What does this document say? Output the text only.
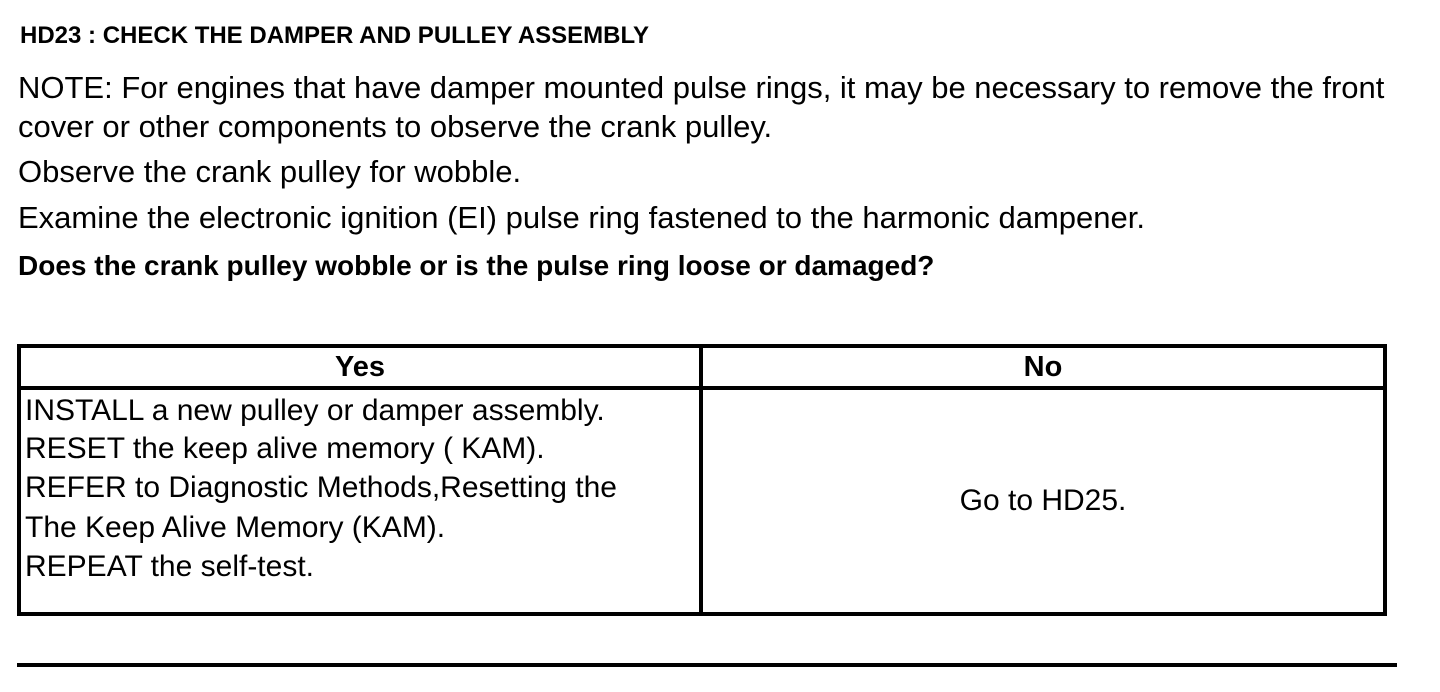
HD23 : CHECK THE DAMPER AND PULLEY ASSEMBLY
NOTE: For engines that have damper mounted pulse rings, it may be necessary to remove the front cover or other components to observe the crank pulley.
Observe the crank pulley for wobble.
Examine the electronic ignition (EI) pulse ring fastened to the harmonic dampener.
Does the crank pulley wobble or is the pulse ring loose or damaged?
Yes	No

INSTALL a new pulley or damper assembly.
RESET the keep alive memory ( KAM).
REFER to Diagnostic Methods,Resetting the
The Keep Alive Memory (KAM).
REPEAT the self-test.	Go to HD25.
